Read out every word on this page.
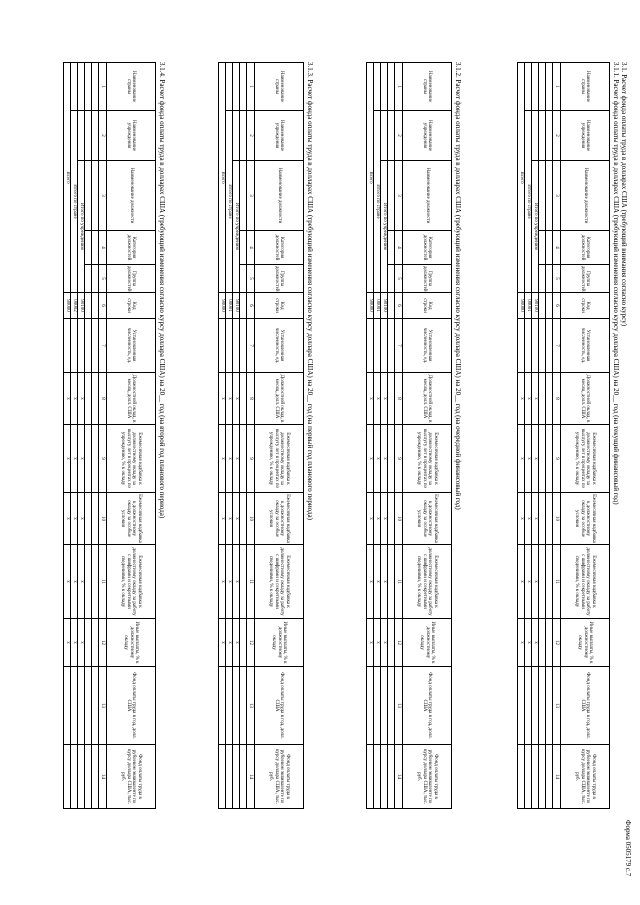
Форма 0505179 с.7
3.1. Расчет фонда оплаты труда в долларах США (требующий внимания согласно курсу)
3.1.1. Расчет фонда оплаты труда в долларах США (требующий изменения согласно курсу доллара США) на 20__ год (на текущий финансовый год)
Наименование страны	Наименование учреждения	Наименование должности	Категория должностей	Группа должностей	Код строки	Установленная численность, ед.	Должностной оклад, в месяц, долл. США	Ежемесячная надбавка к должностному окладу за выслугу лет в процентах по учреждению, % к окладу	Ежемесячная надбавка к должностному окладу за особые условия	Ежемесячная надбавка к должностному окладу за работу с шифрами и секретными сведениями, % к окладу	Иные выплаты, % к должностному окладу	Фонд оплаты труда в год, долл. США	Фонд оплаты труда в рублевом эквиваленте по курсу доллара США, тыс. руб.
1	2	3	4	5	6	7	8	9	10	11	12	13	14

		Итого по учреждению			90100		x	x	x	x	x		
	Итого по стране				00001		x	x	x	x	x		
Всего					90000		x	x	x	x	x		
3.1.2. Расчет фонда оплаты труда в долларах США (требующий изменения согласно курсу доллара США) на 20__ год (на очередной финансовый год)
Наименование страны	Наименование учреждения	Наименование должности	Категория должностей	Группа должностей	Код строки	Установленная численность, ед.	Должностной оклад, в месяц, долл. США	Ежемесячная надбавка к должностному окладу за выслугу лет в процентах по учреждению, % к окладу	Ежемесячная надбавка к должностному окладу за особые условия	Ежемесячная надбавка к должностному окладу за работу с шифрами и секретными сведениями, % к окладу	Иные выплаты, % к должностному окладу	Фонд оплаты труда в год, долл. США	Фонд оплаты труда в рублевом эквиваленте по курсу доллара США, тыс. руб.
1	2	3	4	5	6	7	8	9	10	11	12	13	14

		Итого по учреждению			90100		x	x	x	x	x		
	Итого по стране				00001		x	x	x	x	x		
Всего					90000		x	x	x	x	x		
3.1.3. Расчет фонда оплаты труда в долларах США (требующий изменения согласно курсу доллара США) на 20__ год (на первый год планового периода)
Наименование страны	Наименование учреждения	Наименование должности	Категория должностей	Группа должностей	Код строки	Установленная численность, ед.	Должностной оклад, в месяц, долл. США	Ежемесячная надбавка к должностному окладу за выслугу лет в процентах по учреждению, % к окладу	Ежемесячная надбавка к должностному окладу за особые условия	Ежемесячная надбавка к должностному окладу за работу с шифрами и секретными сведениями, % к окладу	Иные выплаты, % к должностному окладу	Фонд оплаты труда в год, долл. США	Фонд оплаты труда в рублевом эквиваленте по курсу доллара США, тыс. руб.
1	2	3	4	5	6	7	8	9	10	11	12	13	14

		Итого по учреждению			90100		x	x	x	x	x		
	Итого по стране				00001		x	x	x	x	x		
Всего					90000		x	x	x	x	x		
3.1.4. Расчет фонда оплаты труда в долларах США (требующий изменения согласно курсу доллара США) на 20__ год (на второй год планового периода)
Наименование страны	Наименование учреждения	Наименование должности	Категория должностей	Группа должностей	Код строки	Установленная численность, ед.	Должностной оклад, в месяц, долл. США	Ежемесячная надбавка к должностному окладу за выслугу лет в процентах по учреждению, % к окладу	Ежемесячная надбавка к должностному окладу за особые условия	Ежемесячная надбавка к должностному окладу за работу с шифрами и секретными сведениями, % к окладу	Иные выплаты, % к должностному окладу	Фонд оплаты труда в год, долл. США	Фонд оплаты труда в рублевом эквиваленте по курсу доллара США, тыс. руб.
1	2	3	4	5	6	7	8	9	10	11	12	13	14

		Итого по учреждению			90100		x	x	x	x	x		
	Итого по стране				00002		x	x	x	x	x		
Всего					90000		x	x	x	x	x		
